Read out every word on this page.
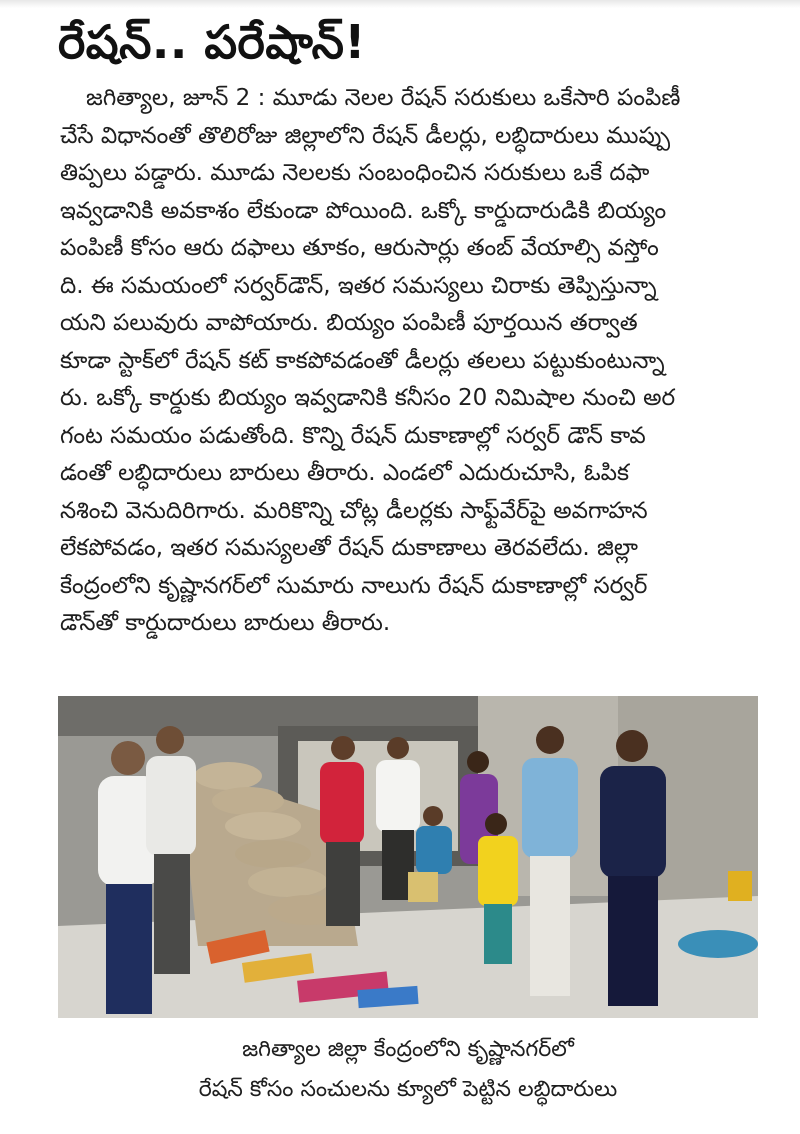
రేషన్.. పరేషాన్!
జగిత్యాల, జూన్ 2 : మూడు నెలల రేషన్ సరుకులు ఒకేసారి పంపిణీ
చేసే విధానంతో తొలిరోజు జిల్లాలోని రేషన్ డీలర్లు, లబ్ధిదారులు ముప్పు
తిప్పలు పడ్డారు. మూడు నెలలకు సంబంధించిన సరుకులు ఒకే దఫా
ఇవ్వడానికి అవకాశం లేకుండా పోయింది. ఒక్కో కార్డుదారుడికి బియ్యం
పంపిణీ కోసం ఆరు దఫాలు తూకం, ఆరుసార్లు తంబ్ వేయాల్సి వస్తోం
ది. ఈ సమయంలో సర్వర్‌డౌన్, ఇతర సమస్యలు చిరాకు తెప్పిస్తున్నా
యని పలువురు వాపోయారు. బియ్యం పంపిణీ పూర్తయిన తర్వాత
కూడా స్టాక్‌లో రేషన్ కట్ కాకపోవడంతో డీలర్లు తలలు పట్టుకుంటున్నా
రు. ఒక్కో కార్డుకు బియ్యం ఇవ్వడానికి కనీసం 20 నిమిషాల నుంచి అర
గంట సమయం పడుతోంది. కొన్ని రేషన్ దుకాణాల్లో సర్వర్ డౌన్ కావ
డంతో లబ్ధిదారులు బారులు తీరారు. ఎండలో ఎదురుచూసి, ఓపిక
నశించి వెనుదిరిగారు. మరికొన్ని చోట్ల డీలర్లకు సాఫ్ట్‌వేర్‌పై అవగాహన
లేకపోవడం, ఇతర సమస్యలతో రేషన్ దుకాణాలు తెరవలేదు. జిల్లా
కేంద్రంలోని కృష్ణానగర్‌లో సుమారు నాలుగు రేషన్ దుకాణాల్లో సర్వర్
డౌన్‌తో కార్డుదారులు బారులు తీరారు.
జగిత్యాల జిల్లా కేంద్రంలోని కృష్ణానగర్‌లో
రేషన్ కోసం సంచులను క్యూలో పెట్టిన లబ్ధిదారులు
